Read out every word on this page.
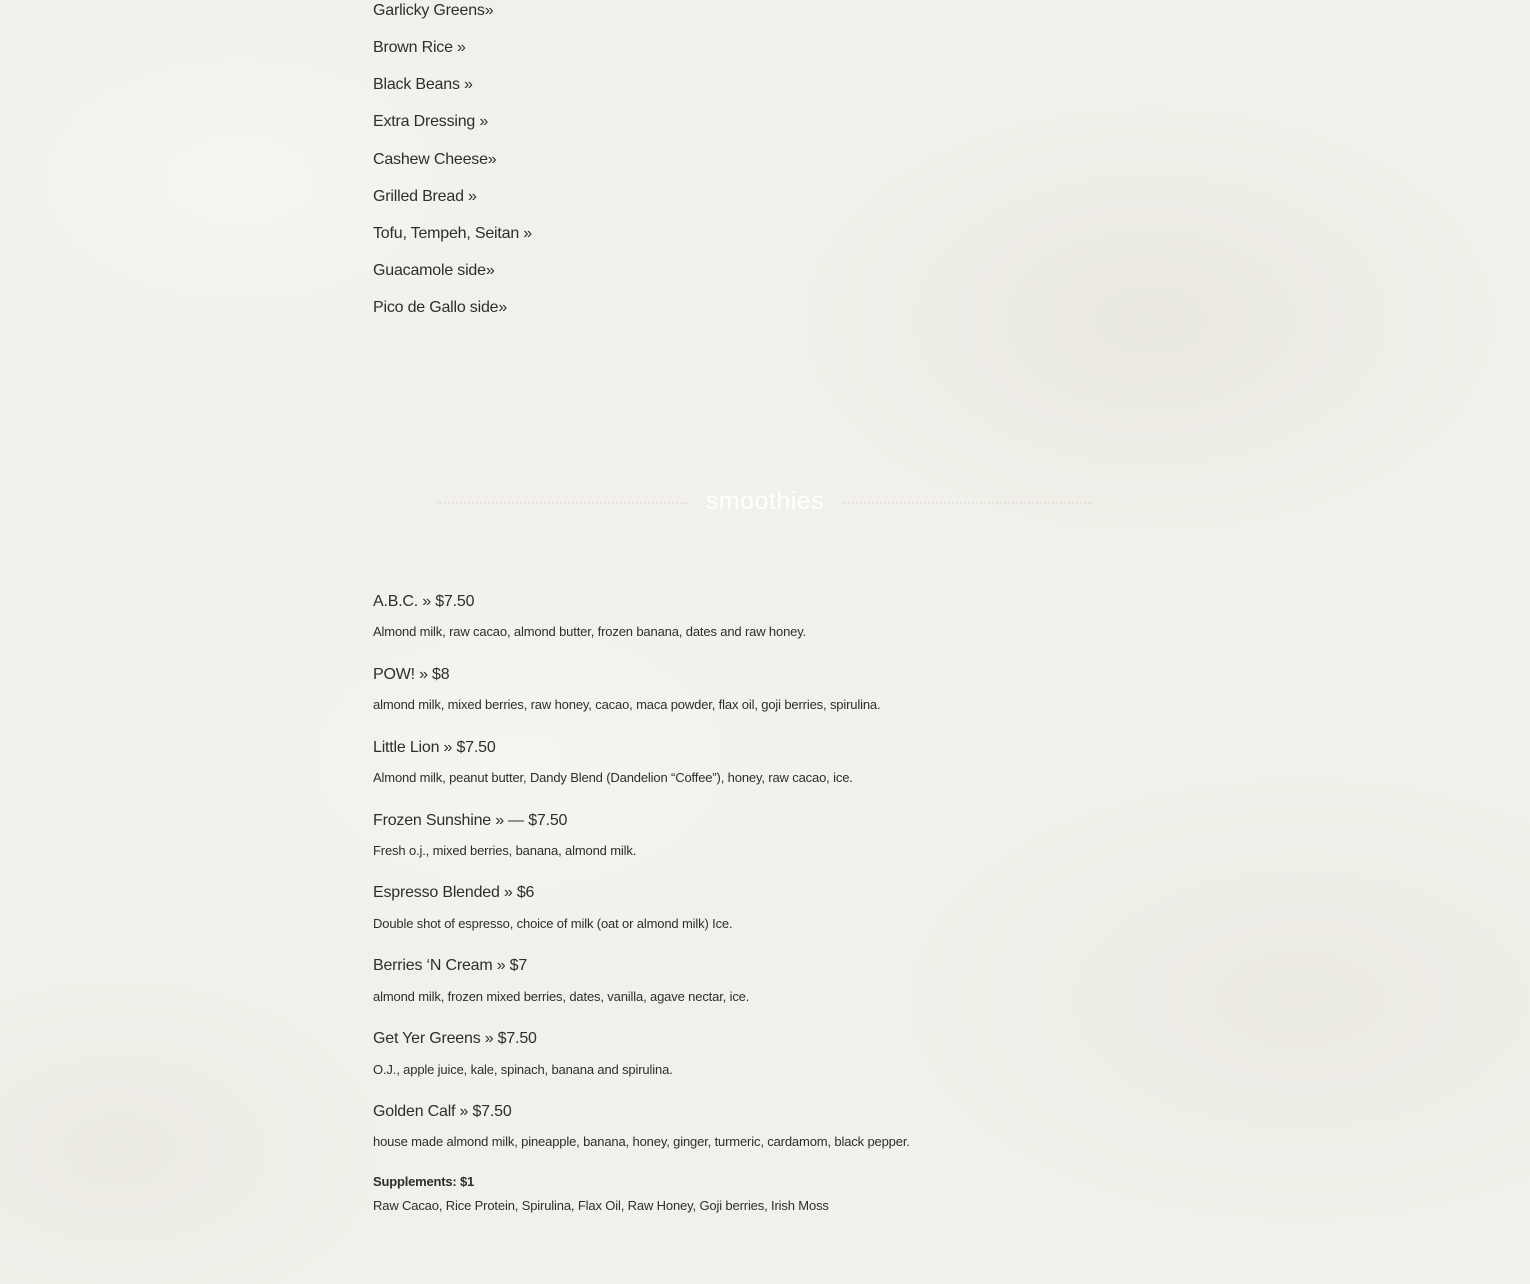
Garlicky Greens»
Brown Rice »
Black Beans »
Extra Dressing »
Cashew Cheese»
Grilled Bread »
Tofu, Tempeh, Seitan »
Guacamole side»
Pico de Gallo side»
smoothies
A.B.C. » $7.50
Almond milk, raw cacao, almond butter, frozen banana, dates and raw honey.
POW! » $8
almond milk, mixed berries, raw honey, cacao, maca powder, flax oil, goji berries, spirulina.
Little Lion » $7.50
Almond milk, peanut butter, Dandy Blend (Dandelion “Coffee”), honey, raw cacao, ice.
Frozen Sunshine » — $7.50
Fresh o.j., mixed berries, banana, almond milk.
Espresso Blended » $6
Double shot of espresso, choice of milk (oat or almond milk) Ice.
Berries ‘N Cream » $7
almond milk, frozen mixed berries, dates, vanilla, agave nectar, ice.
Get Yer Greens » $7.50
O.J., apple juice, kale, spinach, banana and spirulina.
Golden Calf » $7.50
house made almond milk, pineapple, banana, honey, ginger, turmeric, cardamom, black pepper.
Supplements: $1
Raw Cacao, Rice Protein, Spirulina, Flax Oil, Raw Honey, Goji berries, Irish Moss
